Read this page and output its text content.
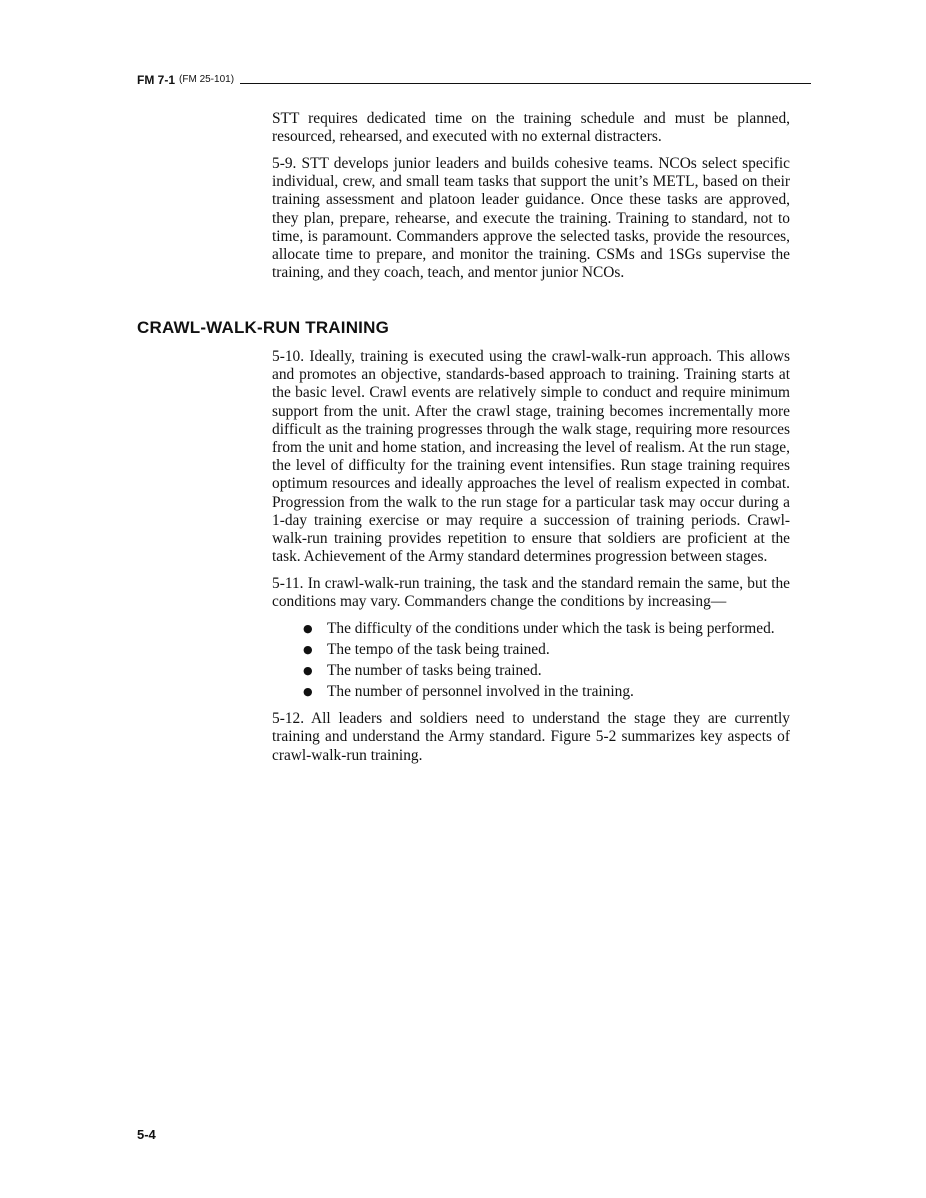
FM 7-1 (FM 25-101)

STT requires dedicated time on the training schedule and must be planned, resourced, rehearsed, and executed with no external distracters.

5-9. STT develops junior leaders and builds cohesive teams. NCOs select specific individual, crew, and small team tasks that support the unit’s METL, based on their training assessment and platoon leader guidance. Once these tasks are approved, they plan, prepare, rehearse, and execute the training. Training to standard, not to time, is paramount. Commanders approve the selected tasks, provide the resources, allocate time to prepare, and monitor the training. CSMs and 1SGs supervise the training, and they coach, teach, and mentor junior NCOs.

CRAWL-WALK-RUN TRAINING

5-10. Ideally, training is executed using the crawl-walk-run approach. This allows and promotes an objective, standards-based approach to training. Training starts at the basic level. Crawl events are relatively simple to conduct and require minimum support from the unit. After the crawl stage, training becomes incrementally more difficult as the training progresses through the walk stage, requiring more resources from the unit and home station, and increasing the level of realism. At the run stage, the level of difficulty for the training event intensifies. Run stage training requires optimum resources and ideally approaches the level of realism expected in combat. Progression from the walk to the run stage for a particular task may occur during a 1-day training exercise or may require a succession of training periods. Crawl-walk-run training provides repetition to ensure that soldiers are proficient at the task. Achievement of the Army standard determines progression between stages.

5-11. In crawl-walk-run training, the task and the standard remain the same, but the conditions may vary. Commanders change the conditions by increasing—

● The difficulty of the conditions under which the task is being performed.
● The tempo of the task being trained.
● The number of tasks being trained.
● The number of personnel involved in the training.

5-12. All leaders and soldiers need to understand the stage they are currently training and understand the Army standard. Figure 5-2 summarizes key aspects of crawl-walk-run training.

5-4
